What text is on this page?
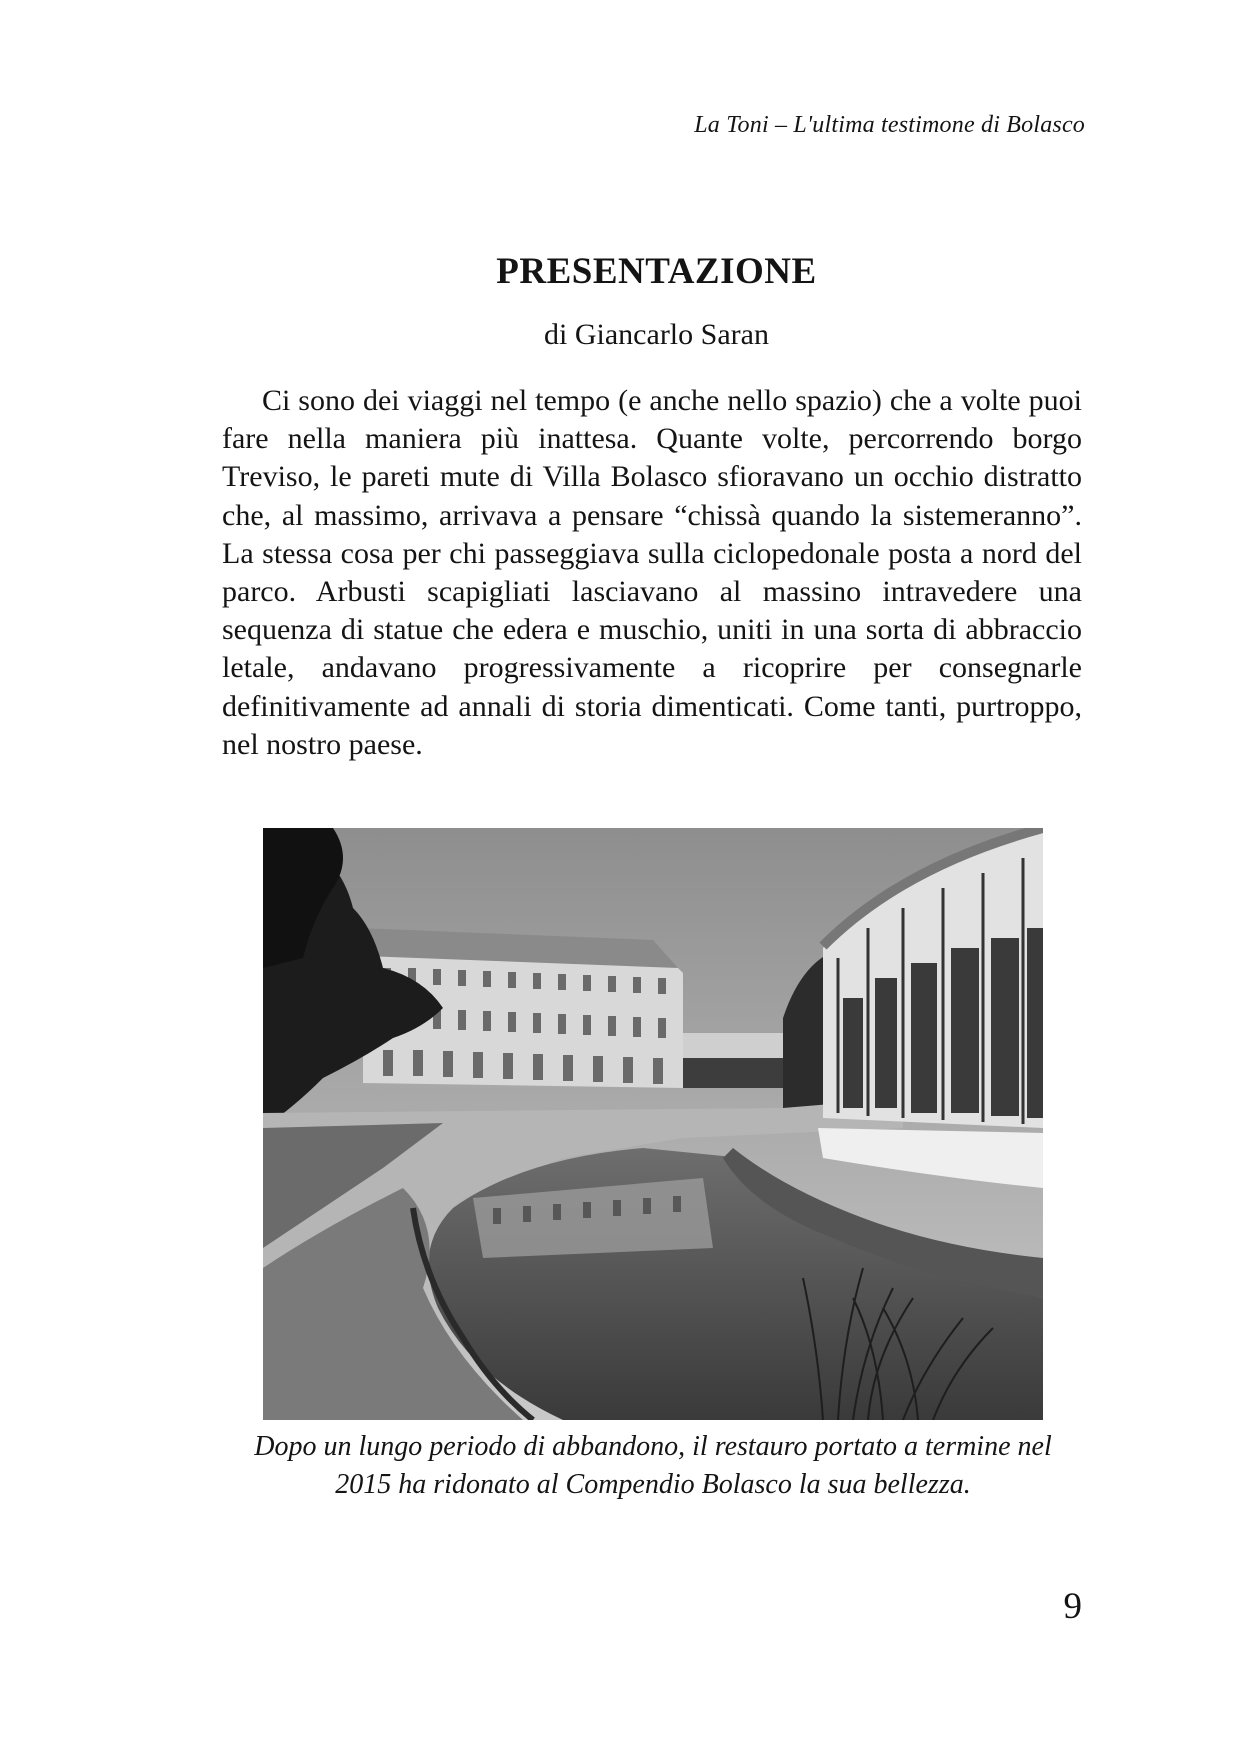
La Toni – L'ultima testimone di Bolasco
PRESENTAZIONE
di Giancarlo Saran

Ci sono dei viaggi nel tempo (e anche nello spazio) che a volte puoi fare nella maniera più inattesa. Quante volte, percorrendo borgo Treviso, le pareti mute di Villa Bolasco sfioravano un occhio distratto che, al massimo, arrivava a pensare “chissà quando la sistemeranno”. La stessa cosa per chi passeggiava sulla ciclopedonale posta a nord del parco. Arbusti scapigliati lasciavano al massino intravedere una sequenza di statue che edera e muschio, uniti in una sorta di abbraccio letale, andavano progressivamente a ricoprire per consegnarle definitivamente ad annali di storia dimenticati. Come tanti, purtroppo, nel nostro paese.

Dopo un lungo periodo di abbandono, il restauro portato a termine nel 2015 ha ridonato al Compendio Bolasco la sua bellezza.
9
